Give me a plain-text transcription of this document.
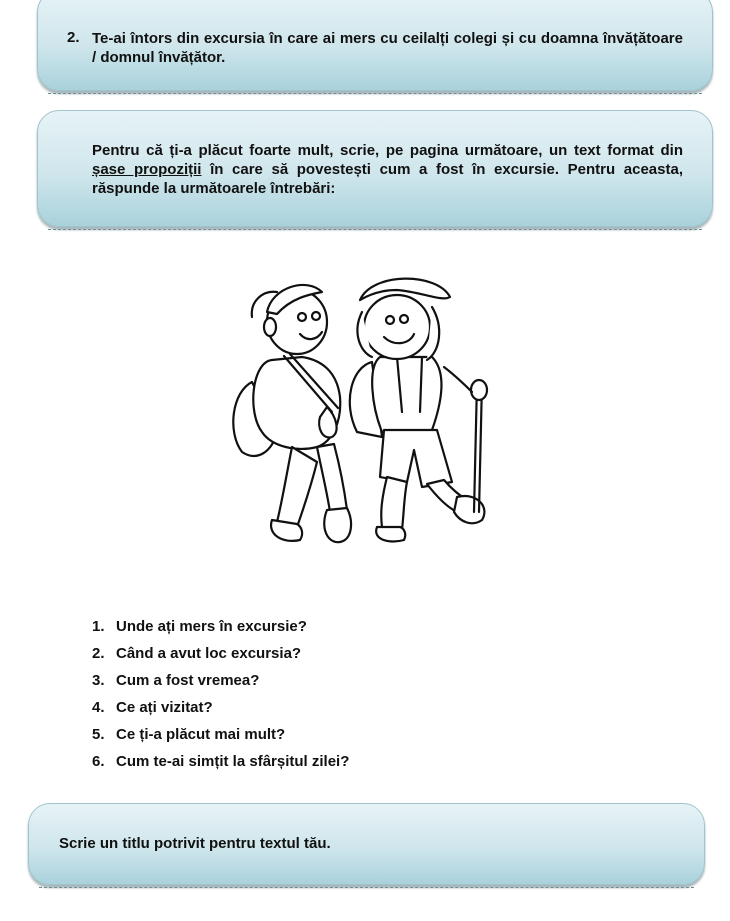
2. Te-ai întors din excursia în care ai mers cu ceilalți colegi și cu doamna învățătoare / domnul învățător.
Pentru că ți-a plăcut foarte mult, scrie, pe pagina următoare, un text format din șase propoziții în care să povestești cum a fost în excursie. Pentru aceasta, răspunde la următoarele întrebări:
1. Unde ați mers în excursie?
2. Când a avut loc excursia?
3. Cum a fost vremea?
4. Ce ați vizitat?
5. Ce ți-a plăcut mai mult?
6. Cum te-ai simțit la sfârșitul zilei?
Scrie un titlu potrivit pentru textul tău.
